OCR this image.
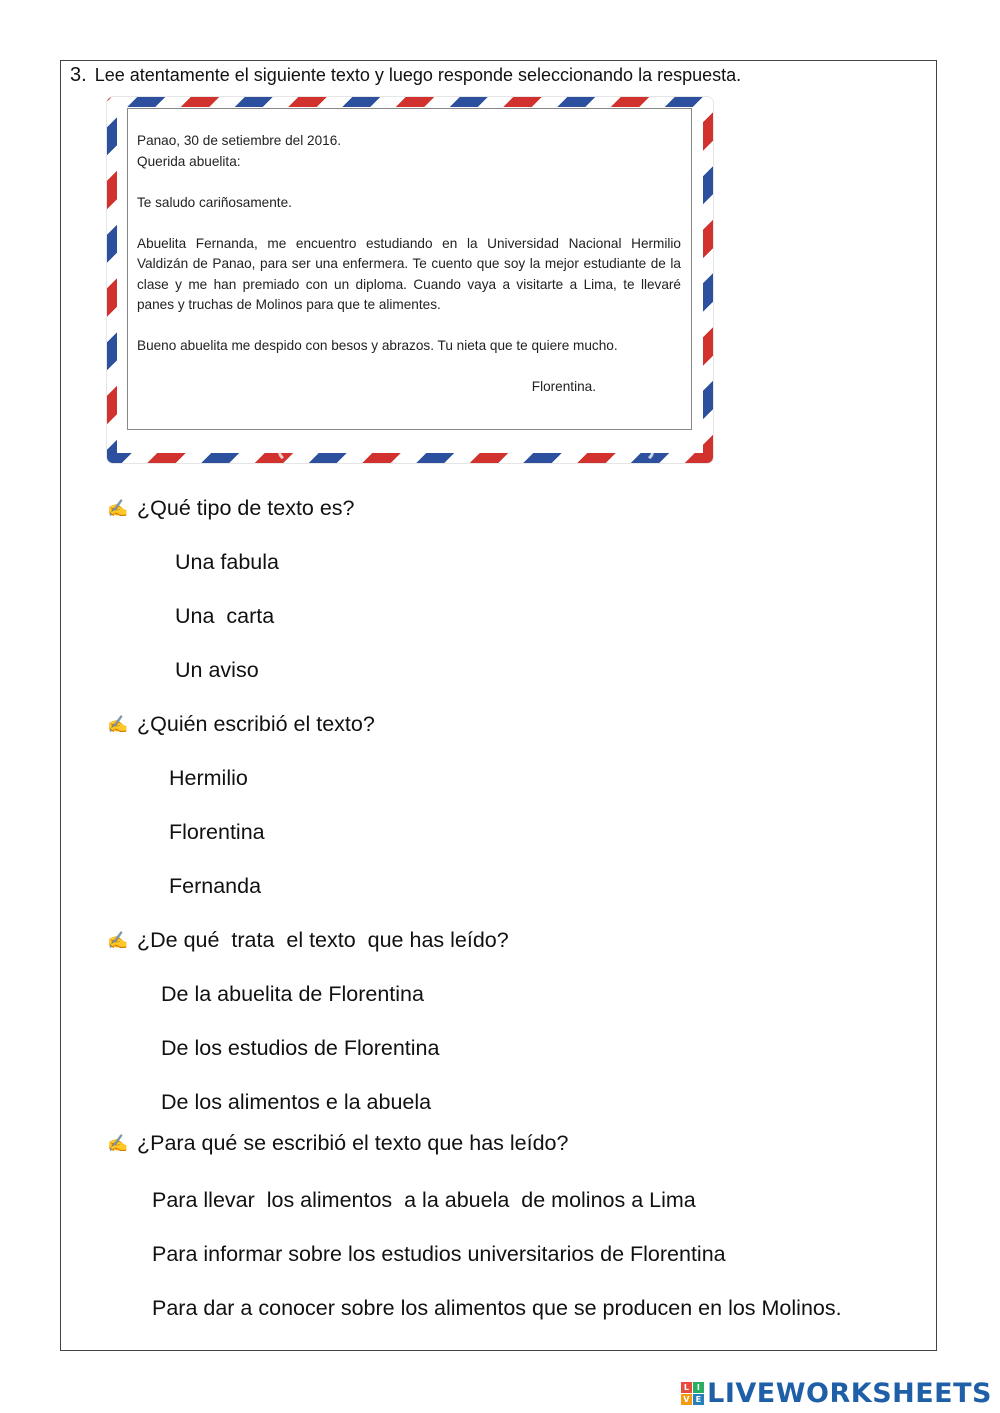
3. Lee atentamente el siguiente texto y luego responde seleccionando la respuesta.

Panao, 30 de setiembre del 2016.

Querida abuelita:

Te saludo cariñosamente.

Abuelita Fernanda, me encuentro estudiando en la Universidad Nacional Hermilio Valdizán de Panao, para ser una enfermera. Te cuento que soy la mejor estudiante de la clase y me han premiado con un diploma. Cuando vaya a visitarte a Lima, te llevaré panes y truchas de Molinos para que te alimentes.

Bueno abuelita me despido con besos y abrazos. Tu nieta que te quiere mucho.

Florentina.

✍ ¿Qué tipo de texto es?
Una fabula
Una  carta
Un aviso
✍ ¿Quién escribió el texto?
Hermilio
Florentina
Fernanda
✍ ¿De qué  trata  el texto  que has leído?
De la abuelita de Florentina
De los estudios de Florentina
De los alimentos e la abuela
✍ ¿Para qué se escribió el texto que has leído?
Para llevar  los alimentos  a la abuela  de molinos a Lima
Para informar sobre los estudios universitarios de Florentina
Para dar a conocer sobre los alimentos que se producen en los Molinos.
L I
V E LIVEWORKSHEETS
